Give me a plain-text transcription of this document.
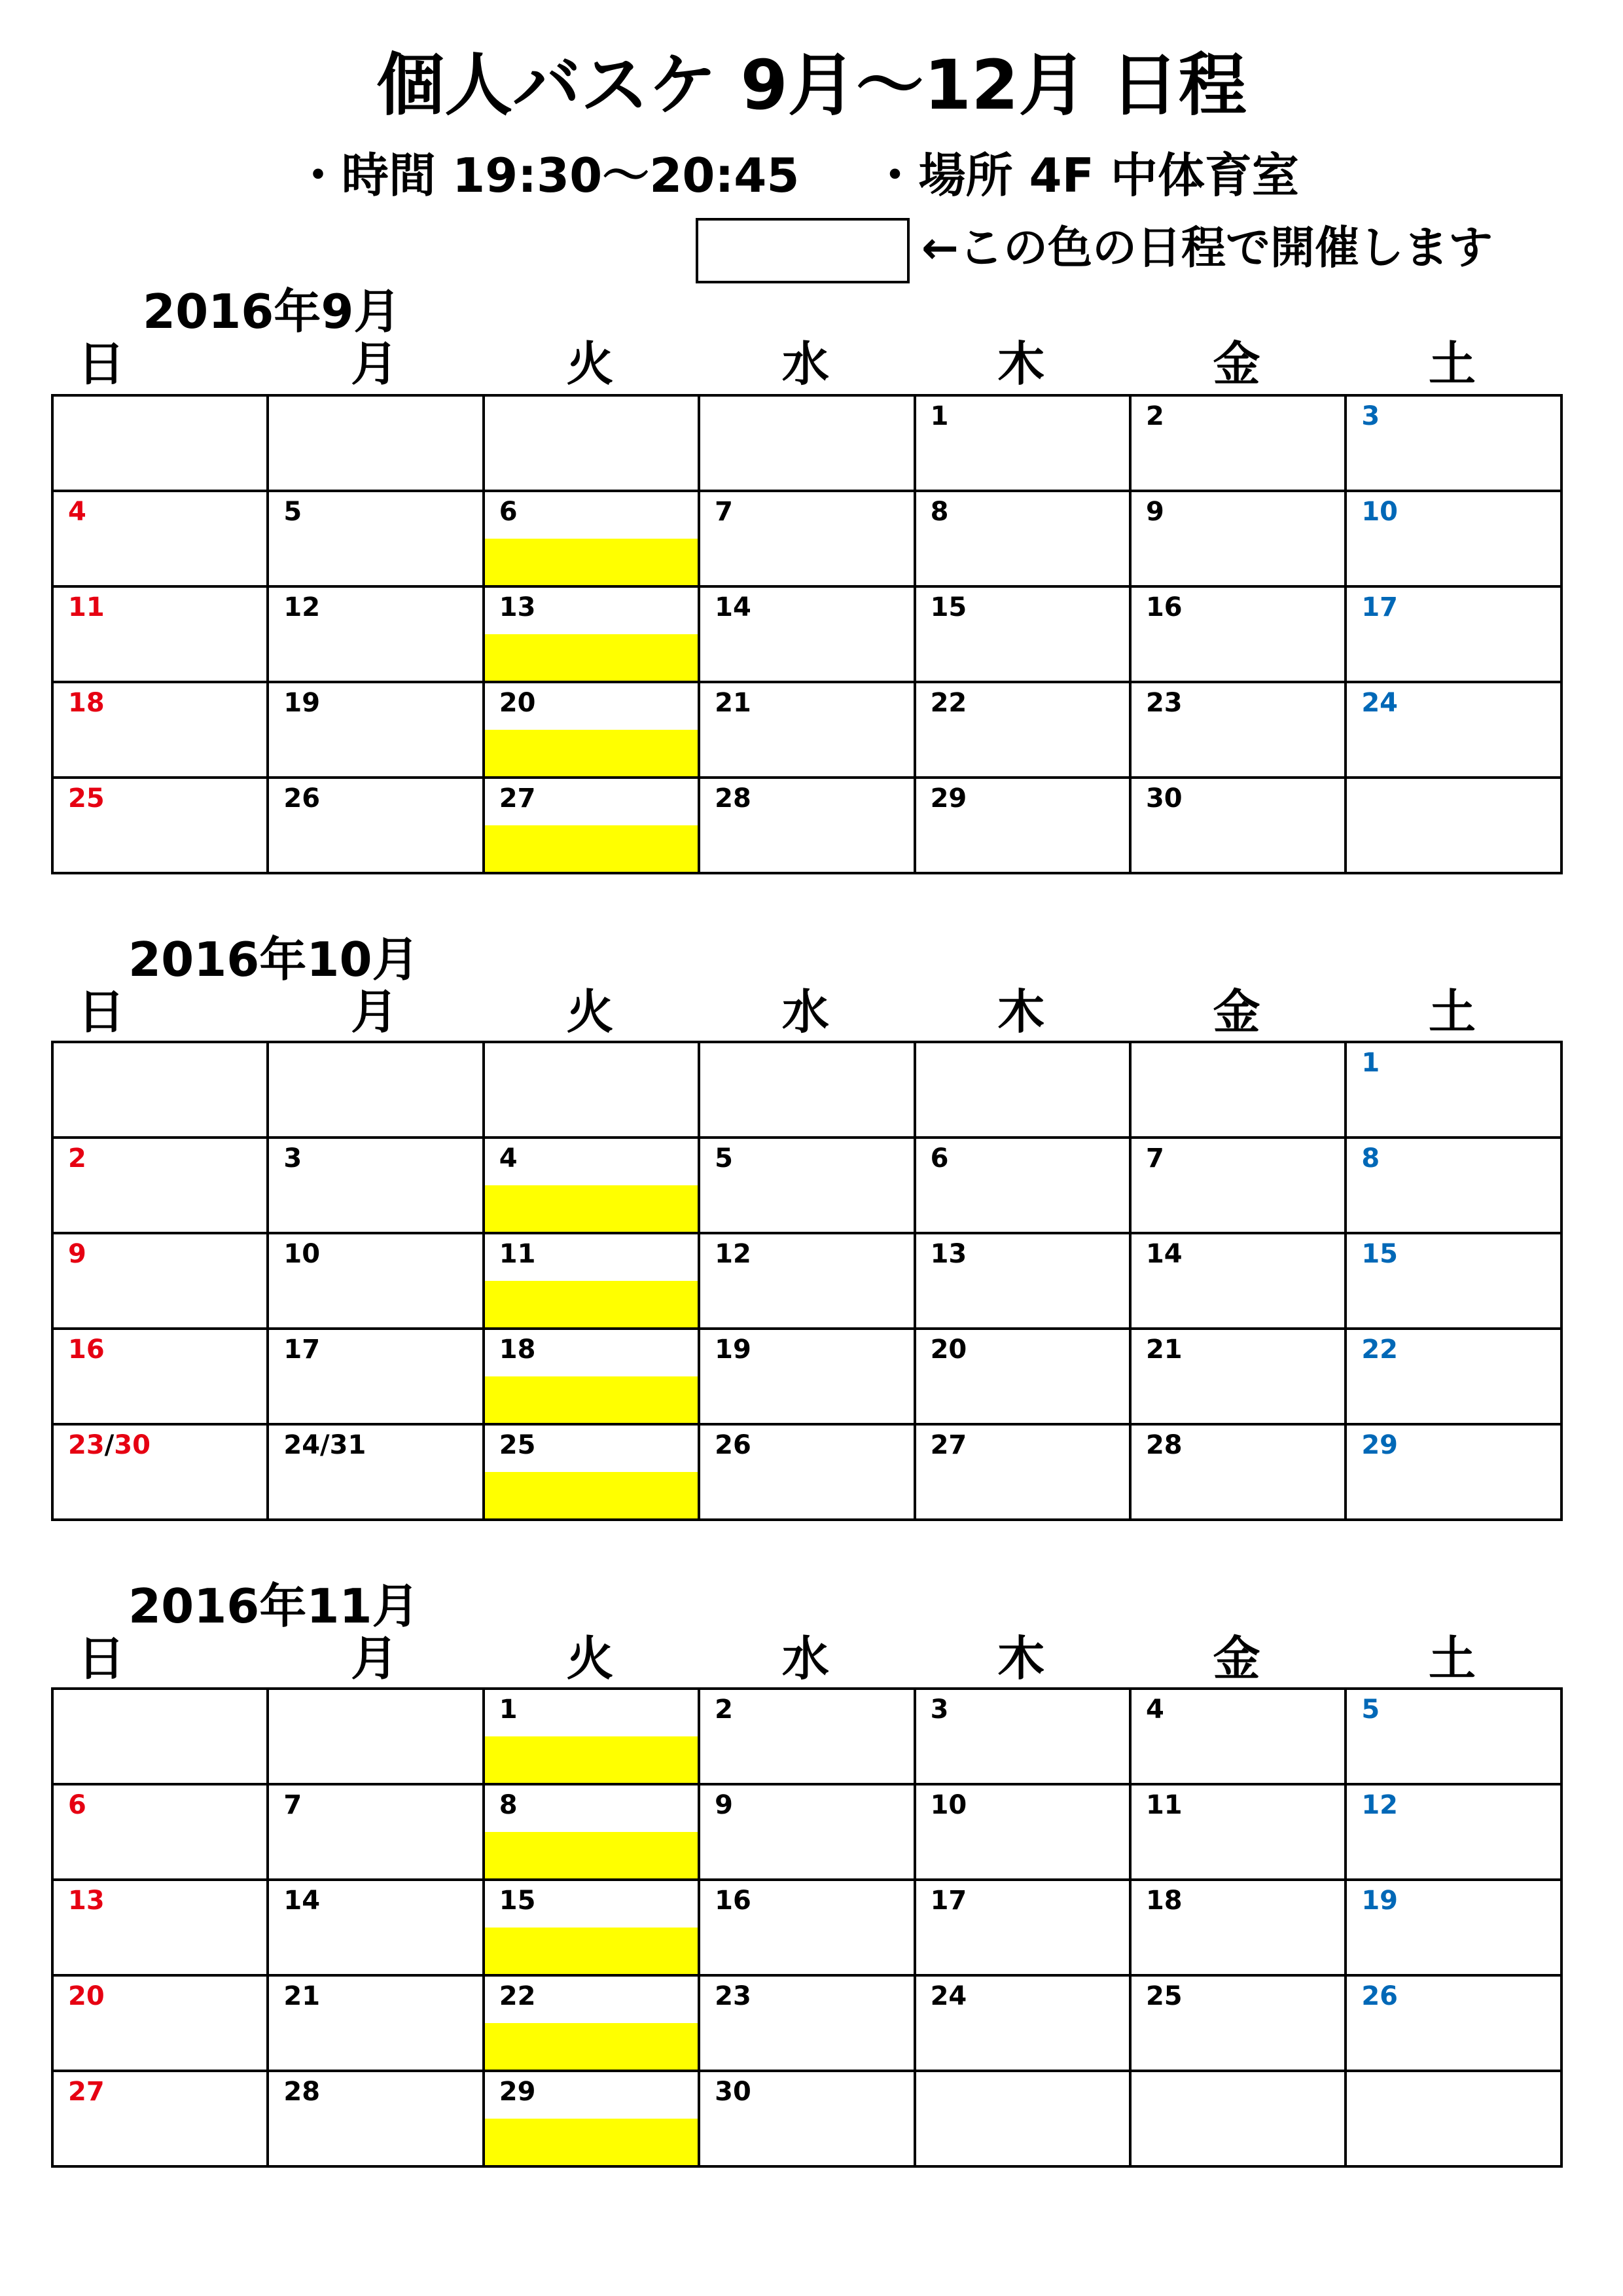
個人バスケ 9月～12月 日程
・時間 19:30～20:45 ・場所 4F 中体育室
←この色の日程で開催します
2016年9月
日	月	火	水	木	金	土

				1	2	3

4	5	6	7	8	9	10

11	12	13	14	15	16	17

18	19	20	21	22	23	24

25	26	27	28	29	30	

2016年10月
日	月	火	水	木	金	土

						1

2	3	4	5	6	7	8

9	10	11	12	13	14	15

16	17	18	19	20	21	22

23/30	24/31	25	26	27	28	29
2016年11月
日	月	火	水	木	金	土

		1	2	3	4	5

6	7	8	9	10	11	12

13	14	15	16	17	18	19

20	21	22	23	24	25	26

27	28	29	30			
